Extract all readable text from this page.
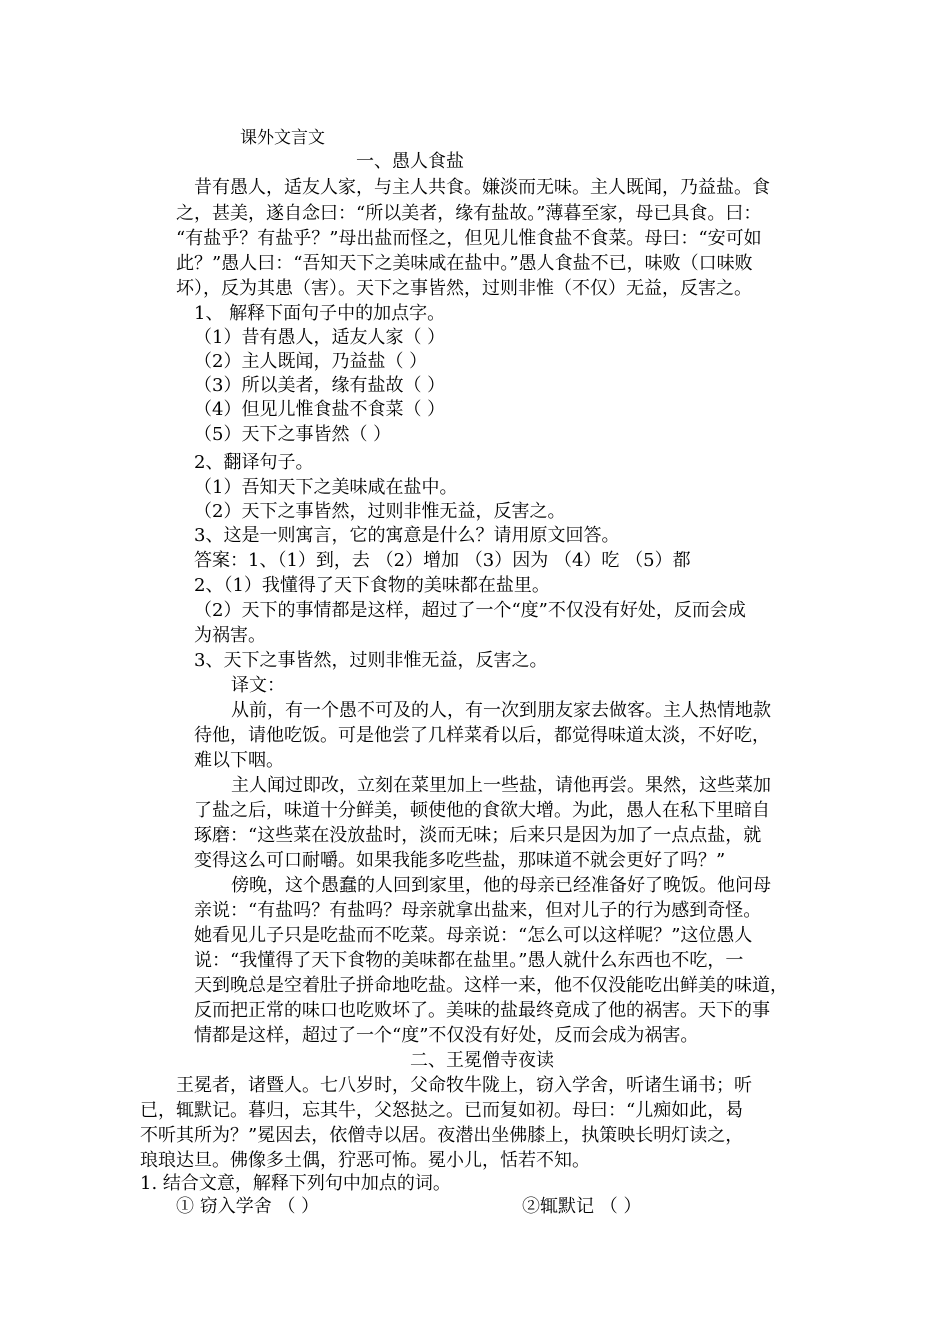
课外文言文
一、愚人食盐
昔有愚人，适友人家，与主人共食。嫌淡而无味。主人既闻，乃益盐。食
之，甚美，遂自念曰：“所以美者，缘有盐故。”薄暮至家，母已具食。曰：
“有盐乎？有盐乎？”母出盐而怪之，但见儿惟食盐不食菜。母曰：“安可如
此？”愚人曰：“吾知天下之美味咸在盐中。”愚人食盐不已，味败（口味败
坏），反为其患（害）。天下之事皆然，过则非惟（不仅）无益，反害之。
1、 解释下面句子中的加点字。
（1）昔有愚人，适友人家（ ）
（2）主人既闻，乃益盐（ ）
（3）所以美者，缘有盐故（ ）
（4）但见儿惟食盐不食菜（ ）
（5）天下之事皆然（ ）
2、翻译句子。
（1）吾知天下之美味咸在盐中。
（2）天下之事皆然，过则非惟无益，反害之。
3、这是一则寓言，它的寓意是什么？请用原文回答。
答案：1、（1）到，去 （2）增加 （3）因为 （4）吃 （5）都
2、（1）我懂得了天下食物的美味都在盐里。
（2）天下的事情都是这样，超过了一个“度”不仅没有好处，反而会成
为祸害。
3、天下之事皆然，过则非惟无益，反害之。
译文：
从前，有一个愚不可及的人，有一次到朋友家去做客。主人热情地款
待他，请他吃饭。可是他尝了几样菜肴以后，都觉得味道太淡，不好吃，
难以下咽。
主人闻过即改，立刻在菜里加上一些盐，请他再尝。果然，这些菜加
了盐之后，味道十分鲜美，顿使他的食欲大增。为此，愚人在私下里暗自
琢磨：“这些菜在没放盐时，淡而无味；后来只是因为加了一点点盐，就
变得这么可口耐嚼。如果我能多吃些盐，那味道不就会更好了吗？”
傍晚，这个愚蠢的人回到家里，他的母亲已经准备好了晚饭。他问母
亲说：“有盐吗？有盐吗？母亲就拿出盐来，但对儿子的行为感到奇怪。
她看见儿子只是吃盐而不吃菜。母亲说：“怎么可以这样呢？”这位愚人
说：“我懂得了天下食物的美味都在盐里。”愚人就什么东西也不吃，一
天到晚总是空着肚子拼命地吃盐。这样一来，他不仅没能吃出鲜美的味道，
反而把正常的味口也吃败坏了。美味的盐最终竟成了他的祸害。天下的事
情都是这样，超过了一个“度”不仅没有好处，反而会成为祸害。
二、王冕僧寺夜读
王冕者，诸暨人。七八岁时，父命牧牛陇上，窃入学舍，听诸生诵书；听
已，辄默记。暮归，忘其牛，父怒挞之。已而复如初。母曰：“儿痴如此，曷
不听其所为？”冕因去，依僧寺以居。夜潜出坐佛膝上，执策映长明灯读之，
琅琅达旦。佛像多土偶，狞恶可怖。冕小儿，恬若不知。
1. 结合文意，解释下列句中加点的词。
① 窃入学舍 （ ）	②辄默记 （ ）
